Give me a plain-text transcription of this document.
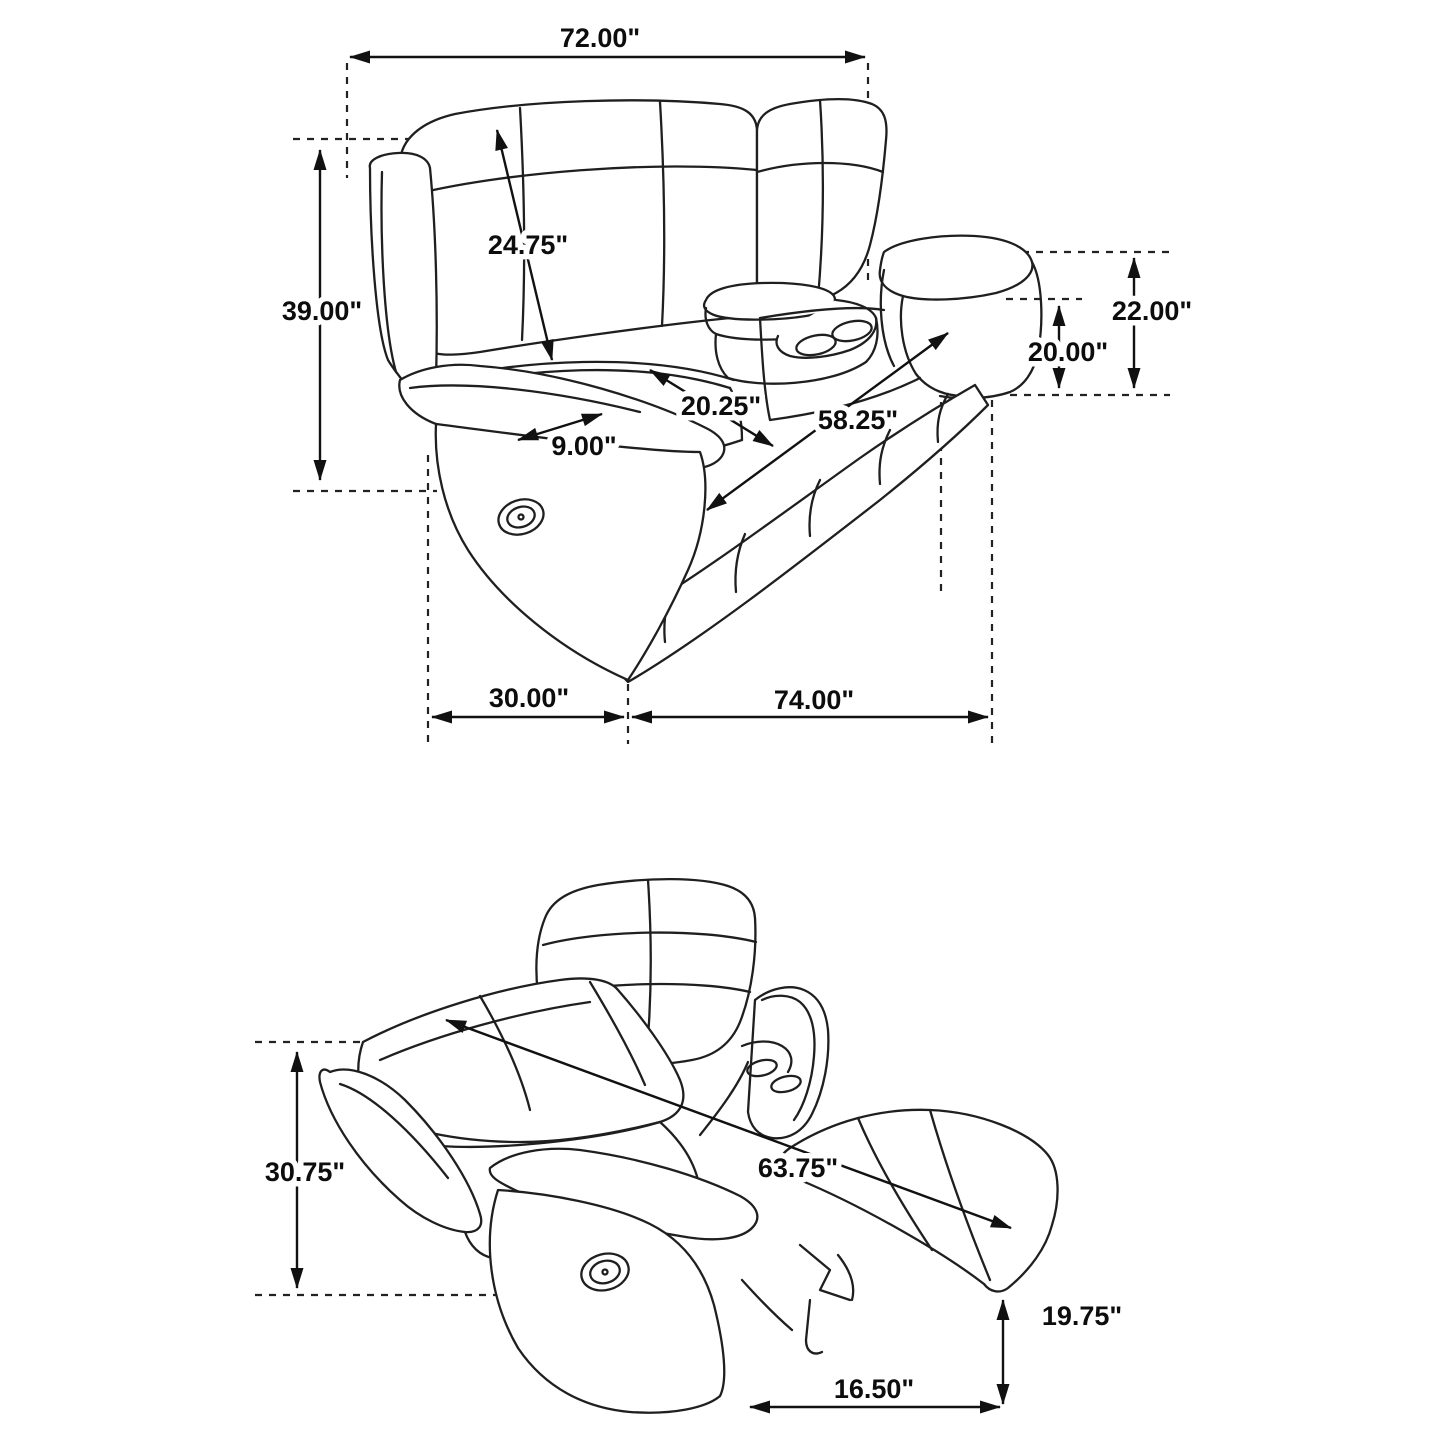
72.00"
39.00"
24.75"
20.25" 58.25"
9.00"
22.00"
20.00"
30.00"	74.00"
30.75"	63.75"
19.75"
16.50"
